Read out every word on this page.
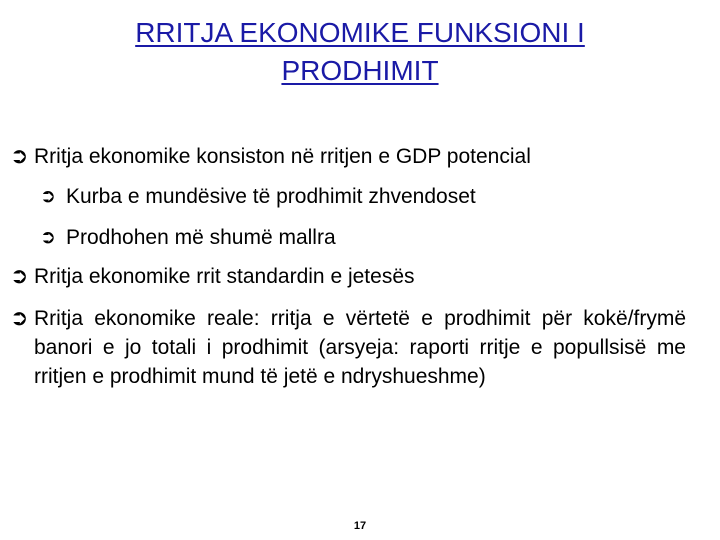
RRITJA EKONOMIKE FUNKSIONI I PRODHIMIT
➲ Rritja ekonomike konsiston në rritjen e GDP potencial
➲ Kurba e mundësive të prodhimit zhvendoset
➲ Prodhohen më shumë mallra
➲ Rritja ekonomike rrit standardin e jetesës
➲ Rritja ekonomike reale: rritja e vërtetë e prodhimit për kokë/frymë banori e jo totali i prodhimit (arsyeja: raporti rritje e popullsisë me rritjen e prodhimit mund të jetë e ndryshueshme)
17
